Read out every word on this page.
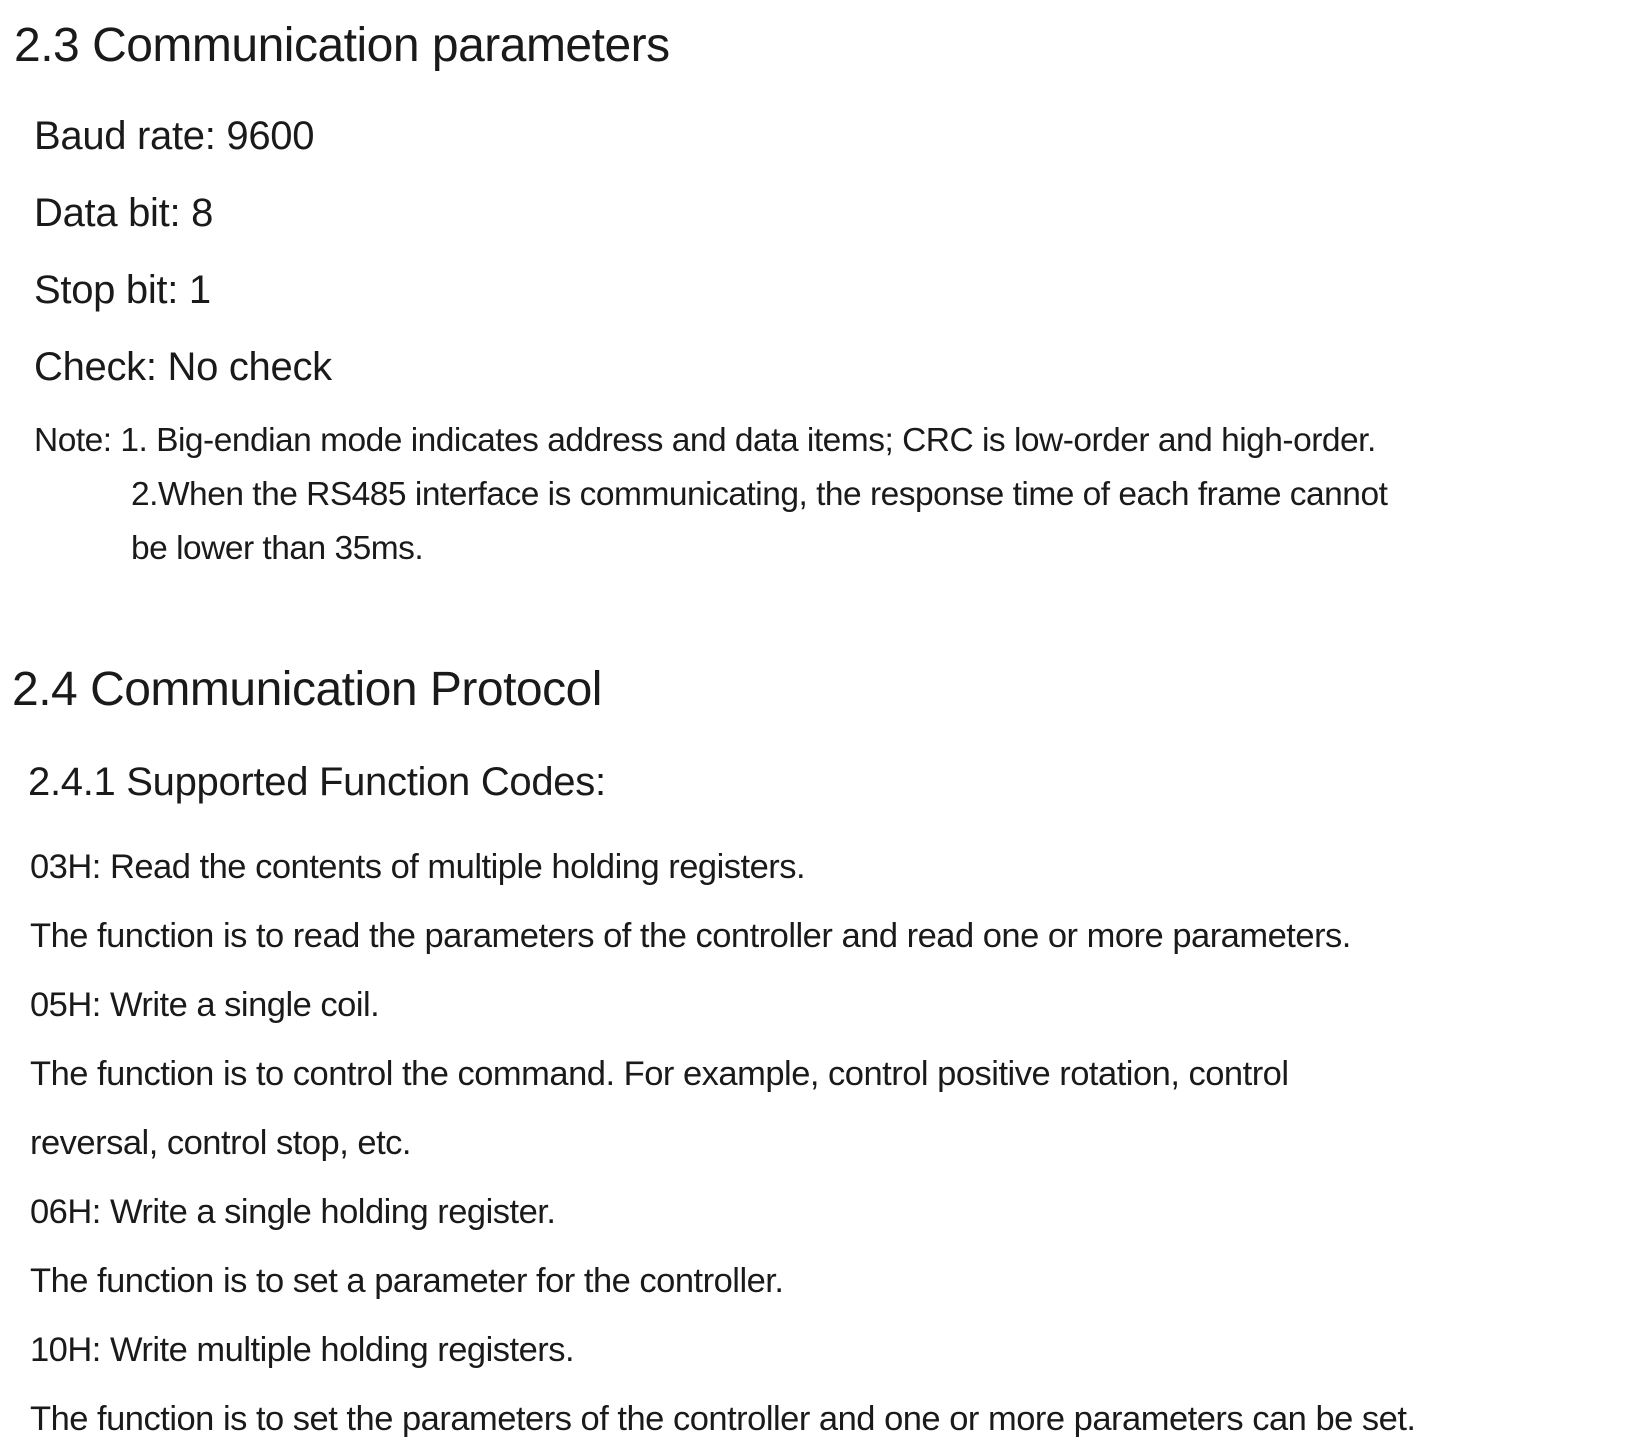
2.3 Communication parameters
Baud rate: 9600
Data bit: 8
Stop bit: 1
Check: No check
Note: 1. Big-endian mode indicates address and data items; CRC is low-order and high-order.
2.When the RS485 interface is communicating, the response time of each frame cannot
be lower than 35ms.
2.4 Communication Protocol
2.4.1 Supported Function Codes:
03H: Read the contents of multiple holding registers.
The function is to read the parameters of the controller and read one or more parameters.
05H: Write a single coil.
The function is to control the command. For example, control positive rotation, control
reversal, control stop, etc.
06H: Write a single holding register.
The function is to set a parameter for the controller.
10H: Write multiple holding registers.
The function is to set the parameters of the controller and one or more parameters can be set.
